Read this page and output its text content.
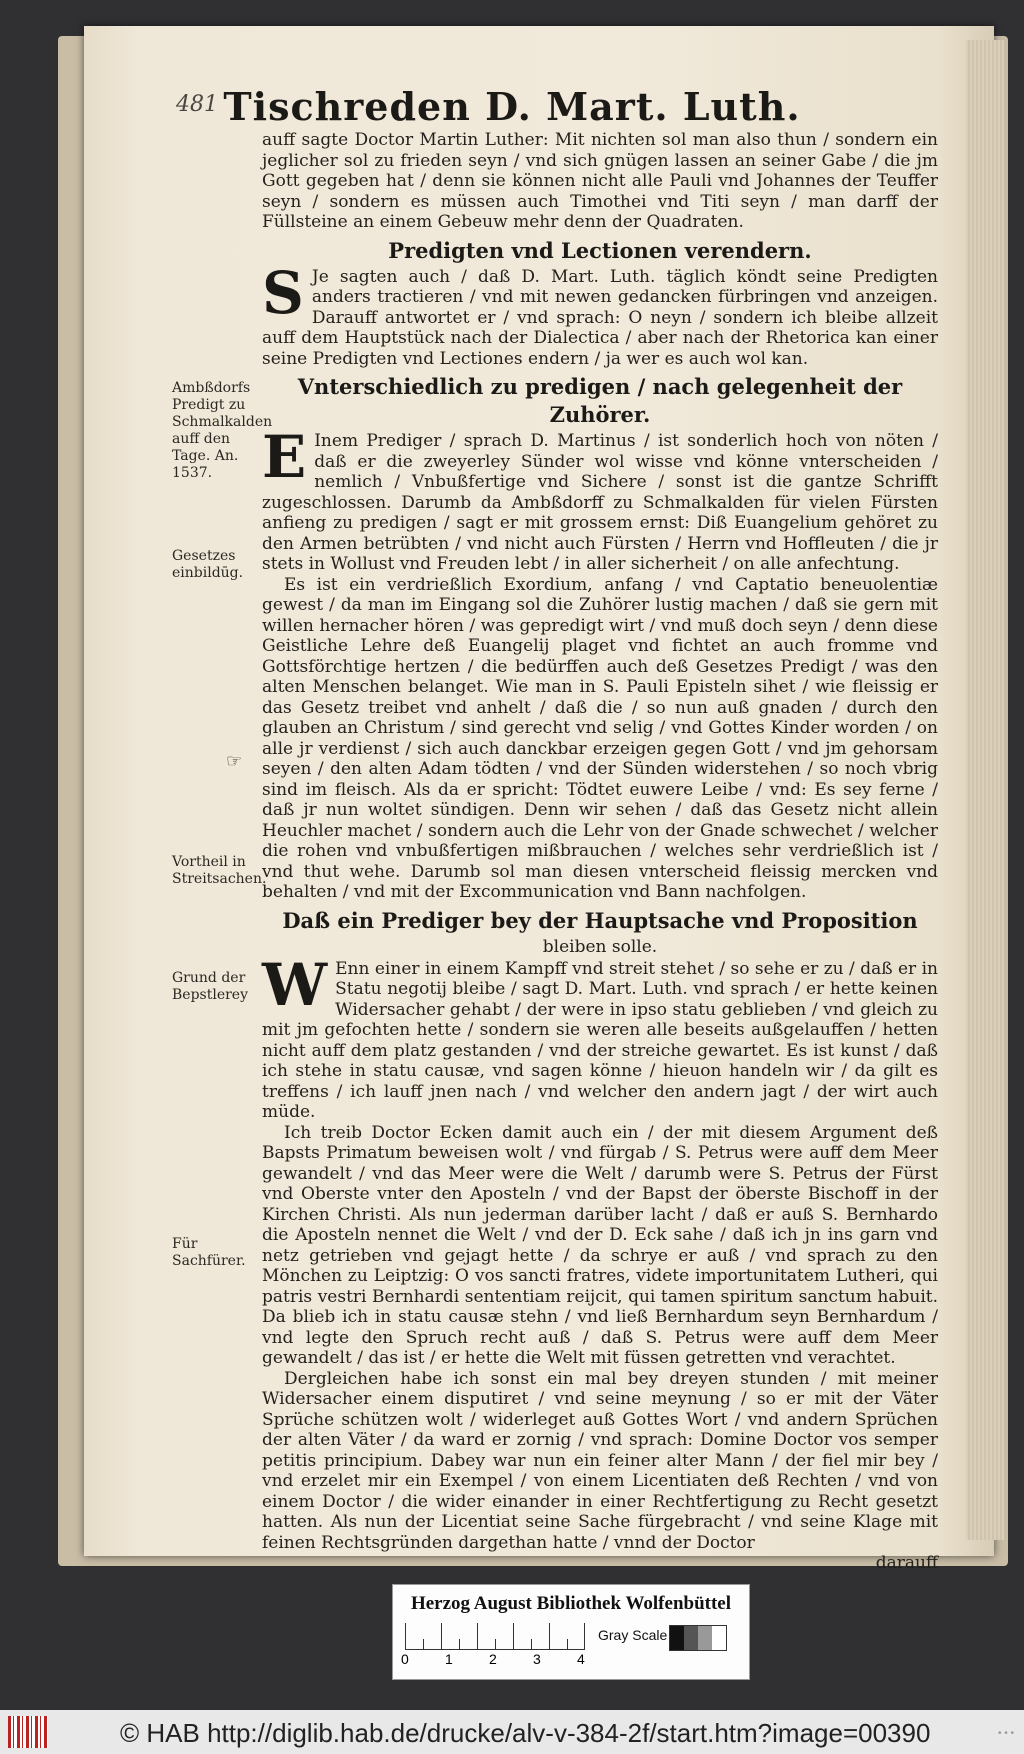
481 Tischreden D. Mart. Luth.
Ambßdorfs Predigt zu Schmalkalden auff den Tage. An. 1537.
Gesetzes einbildūg.
Vortheil in Streitsachen.
Grund der Bepstlerey
Für Sachfürer.
☞

auff sagte Doctor Martin Luther: Mit nichten sol man also thun / sondern ein jeglicher sol zu frieden seyn / vnd sich gnügen lassen an seiner Gabe / die jm Gott gegeben hat / denn sie können nicht alle Pauli vnd Johannes der Teuffer seyn / sondern es müssen auch Timothei vnd Titi seyn / man darff der Füllsteine an einem Gebeuw mehr denn der Quadraten.

Predigten vnd Lectionen verendern.

S Je sagten auch / daß D. Mart. Luth. täglich köndt seine Predigten anders tractieren / vnd mit newen gedancken fürbringen vnd anzeigen. Darauff antwortet er / vnd sprach: O neyn / sondern ich bleibe allzeit auff dem Hauptstück nach der Dialectica / aber nach der Rhetorica kan einer seine Predigten vnd Lectiones endern / ja wer es auch wol kan.

Vnterschiedlich zu predigen / nach gelegenheit der Zuhörer.

E Inem Prediger / sprach D. Martinus / ist sonderlich hoch von nöten / daß er die zweyerley Sünder wol wisse vnd könne vnterscheiden / nemlich / Vnbußfertige vnd Sichere / sonst ist die gantze Schrifft zugeschlossen. Darumb da Ambßdorff zu Schmalkalden für vielen Fürsten anfieng zu predigen / sagt er mit grossem ernst: Diß Euangelium gehöret zu den Armen betrübten / vnd nicht auch Fürsten / Herrn vnd Hoffleuten / die jr stets in Wollust vnd Freuden lebt / in aller sicherheit / on alle anfechtung.

Es ist ein verdrießlich Exordium, anfang / vnd Captatio beneuolentiæ gewest / da man im Eingang sol die Zuhörer lustig machen / daß sie gern mit willen hernacher hören / was gepredigt wirt / vnd muß doch seyn / denn diese Geistliche Lehre deß Euangelij plaget vnd fichtet an auch fromme vnd Gottsförchtige hertzen / die bedürffen auch deß Gesetzes Predigt / was den alten Menschen belanget. Wie man in S. Pauli Episteln sihet / wie fleissig er das Gesetz treibet vnd anhelt / daß die / so nun auß gnaden / durch den glauben an Christum / sind gerecht vnd selig / vnd Gottes Kinder worden / on alle jr verdienst / sich auch danckbar erzeigen gegen Gott / vnd jm gehorsam seyen / den alten Adam tödten / vnd der Sünden widerstehen / so noch vbrig sind im fleisch. Als da er spricht: Tödtet euwere Leibe / vnd: Es sey ferne / daß jr nun woltet sündigen. Denn wir sehen / daß das Gesetz nicht allein Heuchler machet / sondern auch die Lehr von der Gnade schwechet / welcher die rohen vnd vnbußfertigen mißbrauchen / welches sehr verdrießlich ist / vnd thut wehe. Darumb sol man diesen vnterscheid fleissig mercken vnd behalten / vnd mit der Excommunication vnd Bann nachfolgen.

Daß ein Prediger bey der Hauptsache vnd Proposition
bleiben solle.

W Enn einer in einem Kampff vnd streit stehet / so sehe er zu / daß er in Statu negotij bleibe / sagt D. Mart. Luth. vnd sprach / er hette keinen Widersacher gehabt / der were in ipso statu geblieben / vnd gleich zu mit jm gefochten hette / sondern sie weren alle beseits außgelauffen / hetten nicht auff dem platz gestanden / vnd der streiche gewartet. Es ist kunst / daß ich stehe in statu causæ, vnd sagen könne / hieuon handeln wir / da gilt es treffens / ich lauff jnen nach / vnd welcher den andern jagt / der wirt auch müde.

Ich treib Doctor Ecken damit auch ein / der mit diesem Argument deß Bapsts Primatum beweisen wolt / vnd fürgab / S. Petrus were auff dem Meer gewandelt / vnd das Meer were die Welt / darumb were S. Petrus der Fürst vnd Oberste vnter den Aposteln / vnd der Bapst der öberste Bischoff in der Kirchen Christi. Als nun jederman darüber lacht / daß er auß S. Bernhardo die Aposteln nennet die Welt / vnd der D. Eck sahe / daß ich jn ins garn vnd netz getrieben vnd gejagt hette / da schrye er auß / vnd sprach zu den Mönchen zu Leiptzig: O vos sancti fratres, videte importunitatem Lutheri, qui patris vestri Bernhardi sententiam reijcit, qui tamen spiritum sanctum habuit. Da blieb ich in statu causæ stehn / vnd ließ Bernhardum seyn Bernhardum / vnd legte den Spruch recht auß / daß S. Petrus were auff dem Meer gewandelt / das ist / er hette die Welt mit füssen getretten vnd verachtet.

Dergleichen habe ich sonst ein mal bey dreyen stunden / mit meiner Widersacher einem disputiret / vnd seine meynung / so er mit der Väter Sprüche schützen wolt / widerleget auß Gottes Wort / vnd andern Sprüchen der alten Väter / da ward er zornig / vnd sprach: Domine Doctor vos semper petitis principium. Dabey war nun ein feiner alter Mann / der fiel mir bey / vnd erzelet mir ein Exempel / von einem Licentiaten deß Rechten / vnd von einem Doctor / die wider einander in einer Rechtfertigung zu Recht gesetzt hatten. Als nun der Licentiat seine Sache fürgebracht / vnd seine Klage mit feinen Rechtsgründen dargethan hatte / vnnd der Doctor

darauff

Herzog August Bibliothek Wolfenbüttel
0	1	2	3	4
Gray Scale
© HAB http://diglib.hab.de/drucke/alv-v-384-2f/start.htm?image=00390	• • •
